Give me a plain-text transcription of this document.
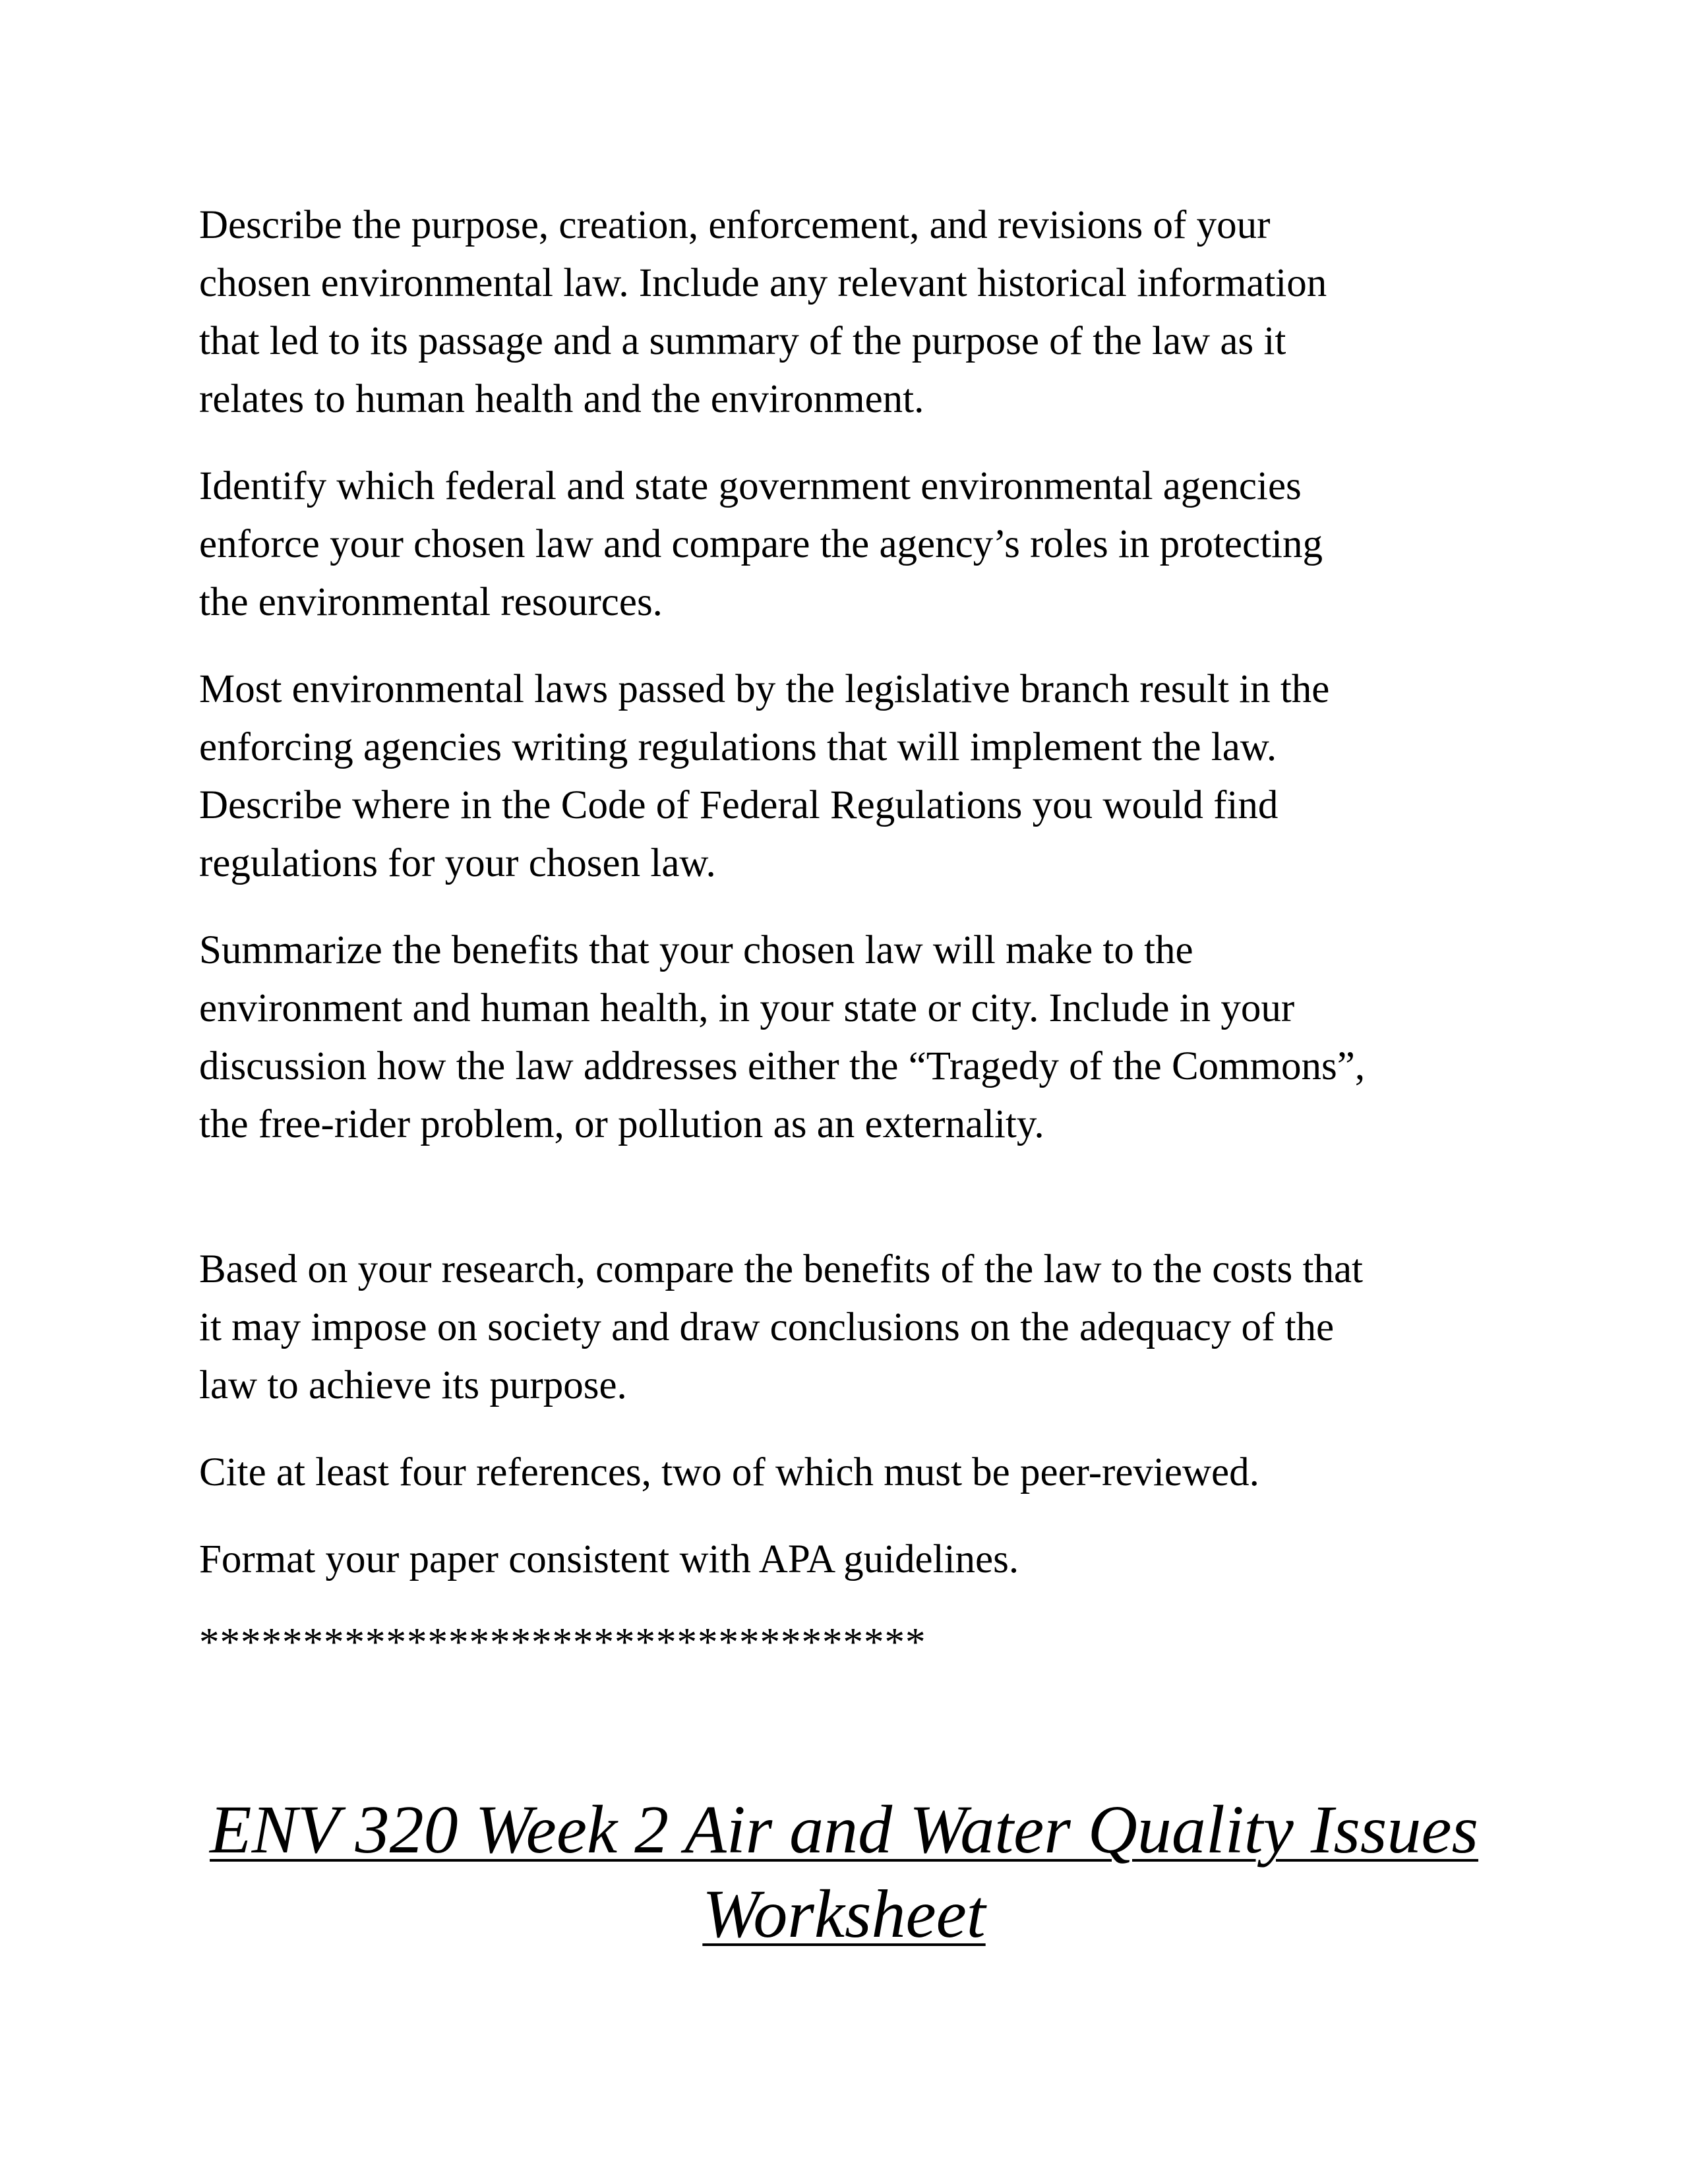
Describe the purpose, creation, enforcement, and revisions of your
chosen environmental law. Include any relevant historical information
that led to its passage and a summary of the purpose of the law as it
relates to human health and the environment.

Identify which federal and state government environmental agencies
enforce your chosen law and compare the agency’s roles in protecting
the environmental resources.

Most environmental laws passed by the legislative branch result in the
enforcing agencies writing regulations that will implement the law.
Describe where in the Code of Federal Regulations you would find
regulations for your chosen law.

Summarize the benefits that your chosen law will make to the
environment and human health, in your state or city. Include in your
discussion how the law addresses either the “Tragedy of the Commons”,
the free-rider problem, or pollution as an externality.

Based on your research, compare the benefits of the law to the costs that
it may impose on society and draw conclusions on the adequacy of the
law to achieve its purpose.

Cite at least four references, two of which must be peer-reviewed.

Format your paper consistent with APA guidelines.

***********************************
ENV 320 Week 2 Air and Water Quality Issues
Worksheet
